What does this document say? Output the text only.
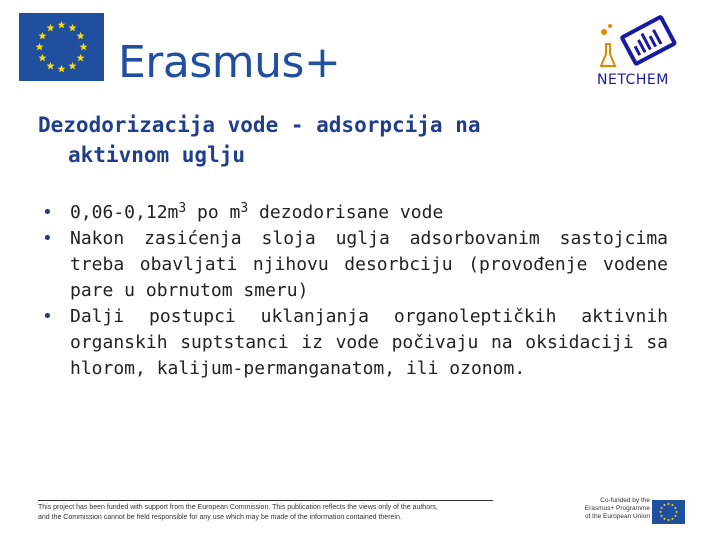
Erasmus+	NETCHEM
Dezodorizacija vode - adsorpcija na
aktivnom uglju
• $0,06-0,12m^3$ po $m^3$ dezodorisane vode
• Nakon zasićenja sloja uglja adsorbovanim sastojcima treba obavljati njihovu desorbciju (provođenje vodene pare u obrnutom smeru)
• Dalji postupci uklanjanja organoleptičkih aktivnih organskih suptstanci iz vode počivaju na oksidaciji sa hlorom, kalijum-permanganatom, ili ozonom.
This project has been funded with support from the European Commission. This publication reflects the views only of the authors,
and the Commission cannot be held responsible for any use which may be made of the information contained therein.
Co-funded by the
Erasmus+ Programme
of the European Union
